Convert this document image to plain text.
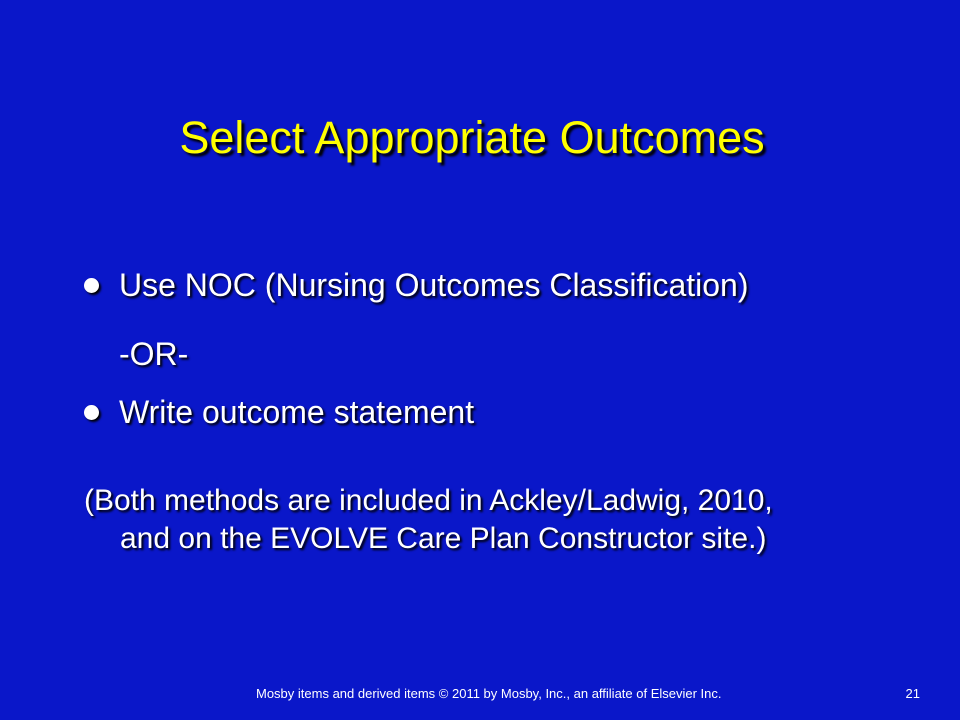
Select Appropriate Outcomes
Use NOC (Nursing Outcomes Classification)
-OR-
Write outcome statement
(Both methods are included in Ackley/Ladwig, 2010,
and on the EVOLVE Care Plan Constructor site.)
Mosby items and derived items © 2011 by Mosby, Inc., an affiliate of Elsevier Inc.	21
